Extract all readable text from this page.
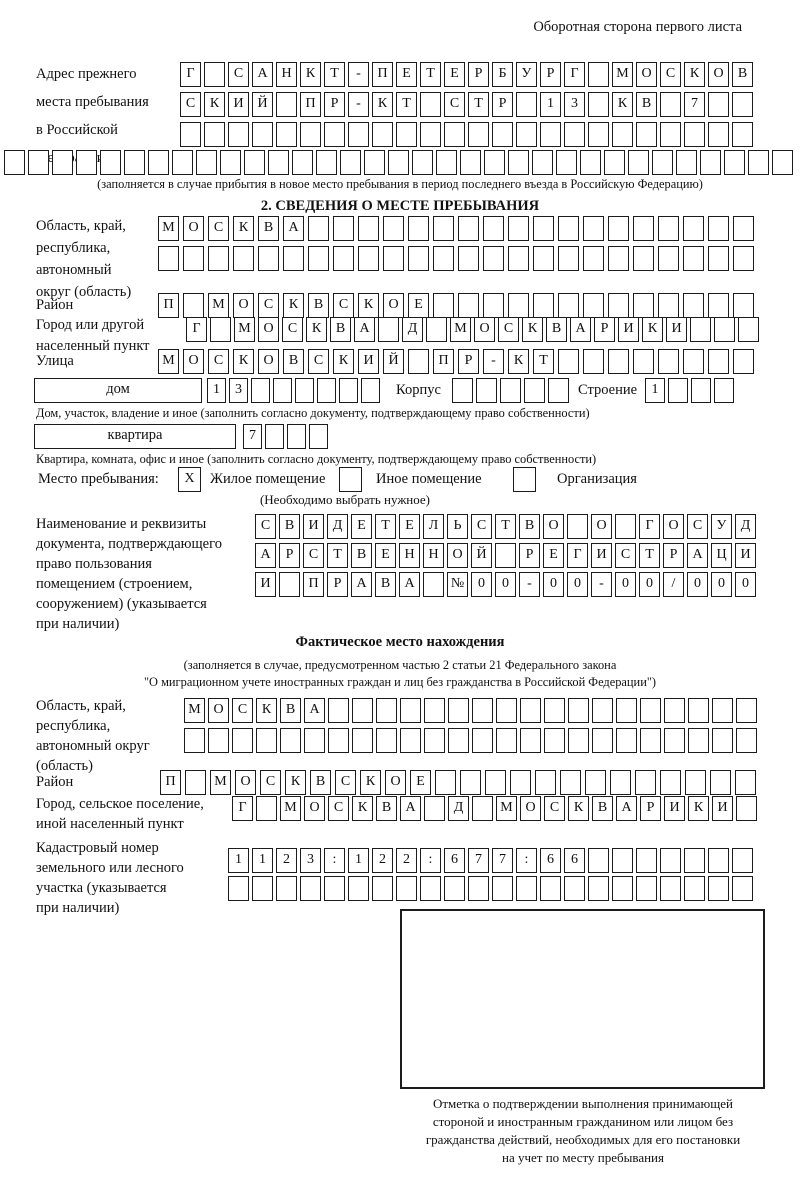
Оборотная сторона первого листа
Адрес прежнего
места пребывания
в Российской
Г	С А Н К Т - П Е Т Е Р Б У Р Г	М О С К О В
С К И Й	П Р - К Т	С Т Р	1 3	К В	7
(заполняется в случае прибытия в новое место пребывания в период последнего въезда в Российскую Федерацию)
2. СВЕДЕНИЯ О МЕСТЕ ПРЕБЫВАНИЯ
Область, край,
республика,
автономный
округ (область)
М О С К В А
Район	П	М О С К В С К О Е
Город или другой
населенный пункт
Г	М О С К В А	Д	М О С К В А Р И К И
Улица	М О С К О В С К И Й	П Р - К Т
дом	1 3	Корпус	Строение	1
Дом, участок, владение и иное (заполнить согласно документу, подтверждающему право собственности)
квартира	7
Квартира, комната, офис и иное (заполнить согласно документу, подтверждающему право собственности)
Место пребывания:	X	Жилое помещение	Иное помещение	Организация
(Необходимо выбрать нужное)
Наименование и реквизиты
документа, подтверждающего
право пользования
помещением (строением,
сооружением) (указывается
при наличии)
С В И Д Е Т Е Л Ь С Т В О	О	Г О С У Д
А Р С Т В Е Н Н О Й	Р Е Г И С Т Р А Ц И
И	П Р А В А	№ 0 0 - 0 0 - 0 0 / 0 0 0
Фактическое место нахождения
(заполняется в случае, предусмотренном частью 2 статьи 21 Федерального закона
"О миграционном учете иностранных граждан и лиц без гражданства в Российской Федерации")
Область, край,
республика,
автономный округ
(область)
М О С К В А
Район	П	М О С К В С К О Е
Город, сельское поселение,
иной населенный пункт
Г	М О С К В А	Д	М О С К В А Р И К И
Кадастровый номер
земельного или лесного
участка (указывается
при наличии)
1 1 2 3 : 1 2 2 : 6 7 7 : 6 6
Отметка о подтверждении выполнения принимающей
стороной и иностранным гражданином или лицом без
гражданства действий, необходимых для его постановки
на учет по месту пребывания
